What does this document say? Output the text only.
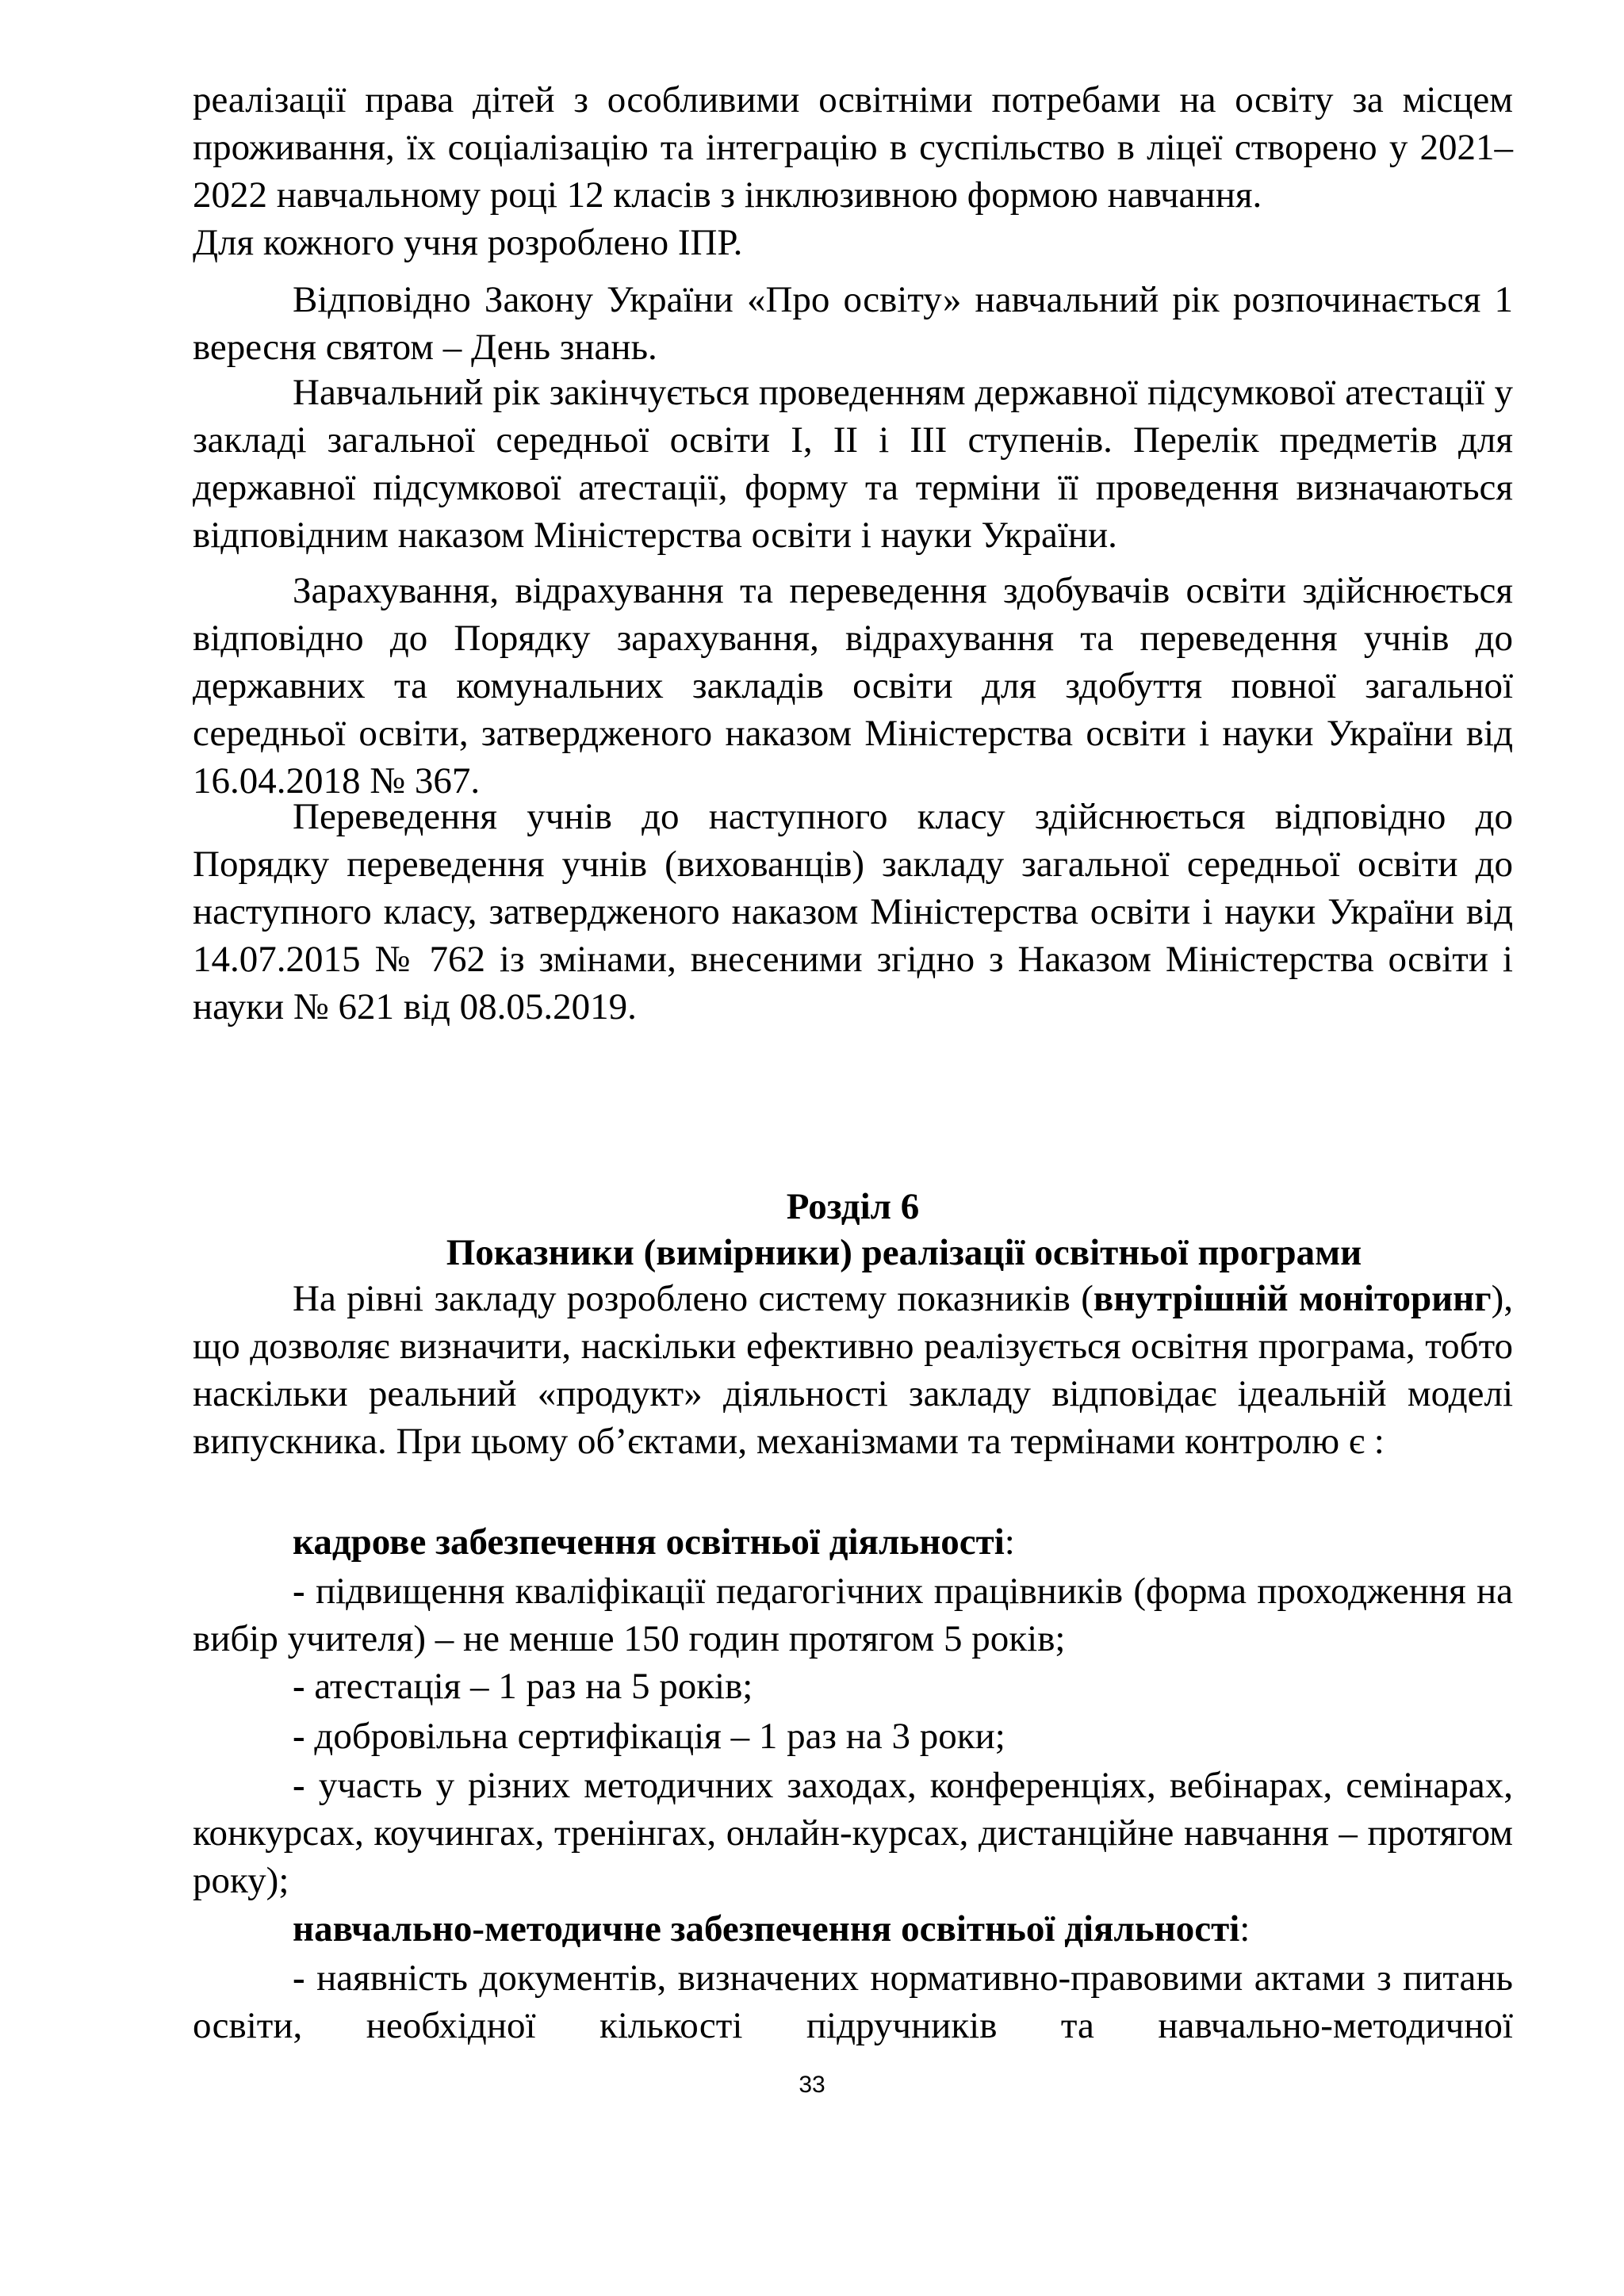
реалізації права дітей з особливими освітніми потребами на освіту за місцем проживання, їх соціалізацію та інтеграцію в суспільство в ліцеї створено у 2021–2022 навчальному році 12 класів з інклюзивною формою навчання.

Для кожного учня розроблено ІПР.

Відповідно Закону України «Про освіту» навчальний рік розпочинається 1 вересня святом – День знань.

Навчальний рік закінчується проведенням державної підсумкової атестації у закладі загальної середньої освіти І, ІІ і ІІІ ступенів. Перелік предметів для державної підсумкової атестації, форму та терміни її проведення визначаються відповідним наказом Міністерства освіти і науки України.

Зарахування, відрахування та переведення здобувачів освіти здійснюється відповідно до Порядку зарахування, відрахування та переведення учнів до державних та комунальних закладів освіти для здобуття повної загальної середньої освіти, затвердженого наказом Міністерства освіти і науки України від 16.04.2018 № 367.

Переведення учнів до наступного класу здійснюється відповідно до Порядку переведення учнів (вихованців) закладу загальної середньої освіти до наступного класу, затвердженого наказом Міністерства освіти і науки України від 14.07.2015 № 762 із змінами, внесеними згідно з Наказом Міністерства освіти і науки № 621 від 08.05.2019.

Розділ 6
Показники (вимірники) реалізації освітньої програми

На рівні закладу розроблено систему показників (внутрішній моніторинг), що дозволяє визначити, наскільки ефективно реалізується освітня програма, тобто наскільки реальний «продукт» діяльності закладу відповідає ідеальній моделі випускника. При цьому об’єктами, механізмами та термінами контролю є :

кадрове забезпечення освітньої діяльності:

- підвищення кваліфікації педагогічних працівників (форма проходження на вибір учителя) – не менше 150 годин протягом 5 років;

- атестація – 1 раз на 5 років;

- добровільна сертифікація – 1 раз на 3 роки;

- участь у різних методичних заходах, конференціях, вебінарах, семінарах, конкурсах, коучингах, тренінгах, онлайн-курсах, дистанційне навчання – протягом року);

навчально-методичне забезпечення освітньої діяльності:

- наявність документів, визначених нормативно-правовими актами з питань освіти, необхідної кількості підручників та навчально-методичної

33
